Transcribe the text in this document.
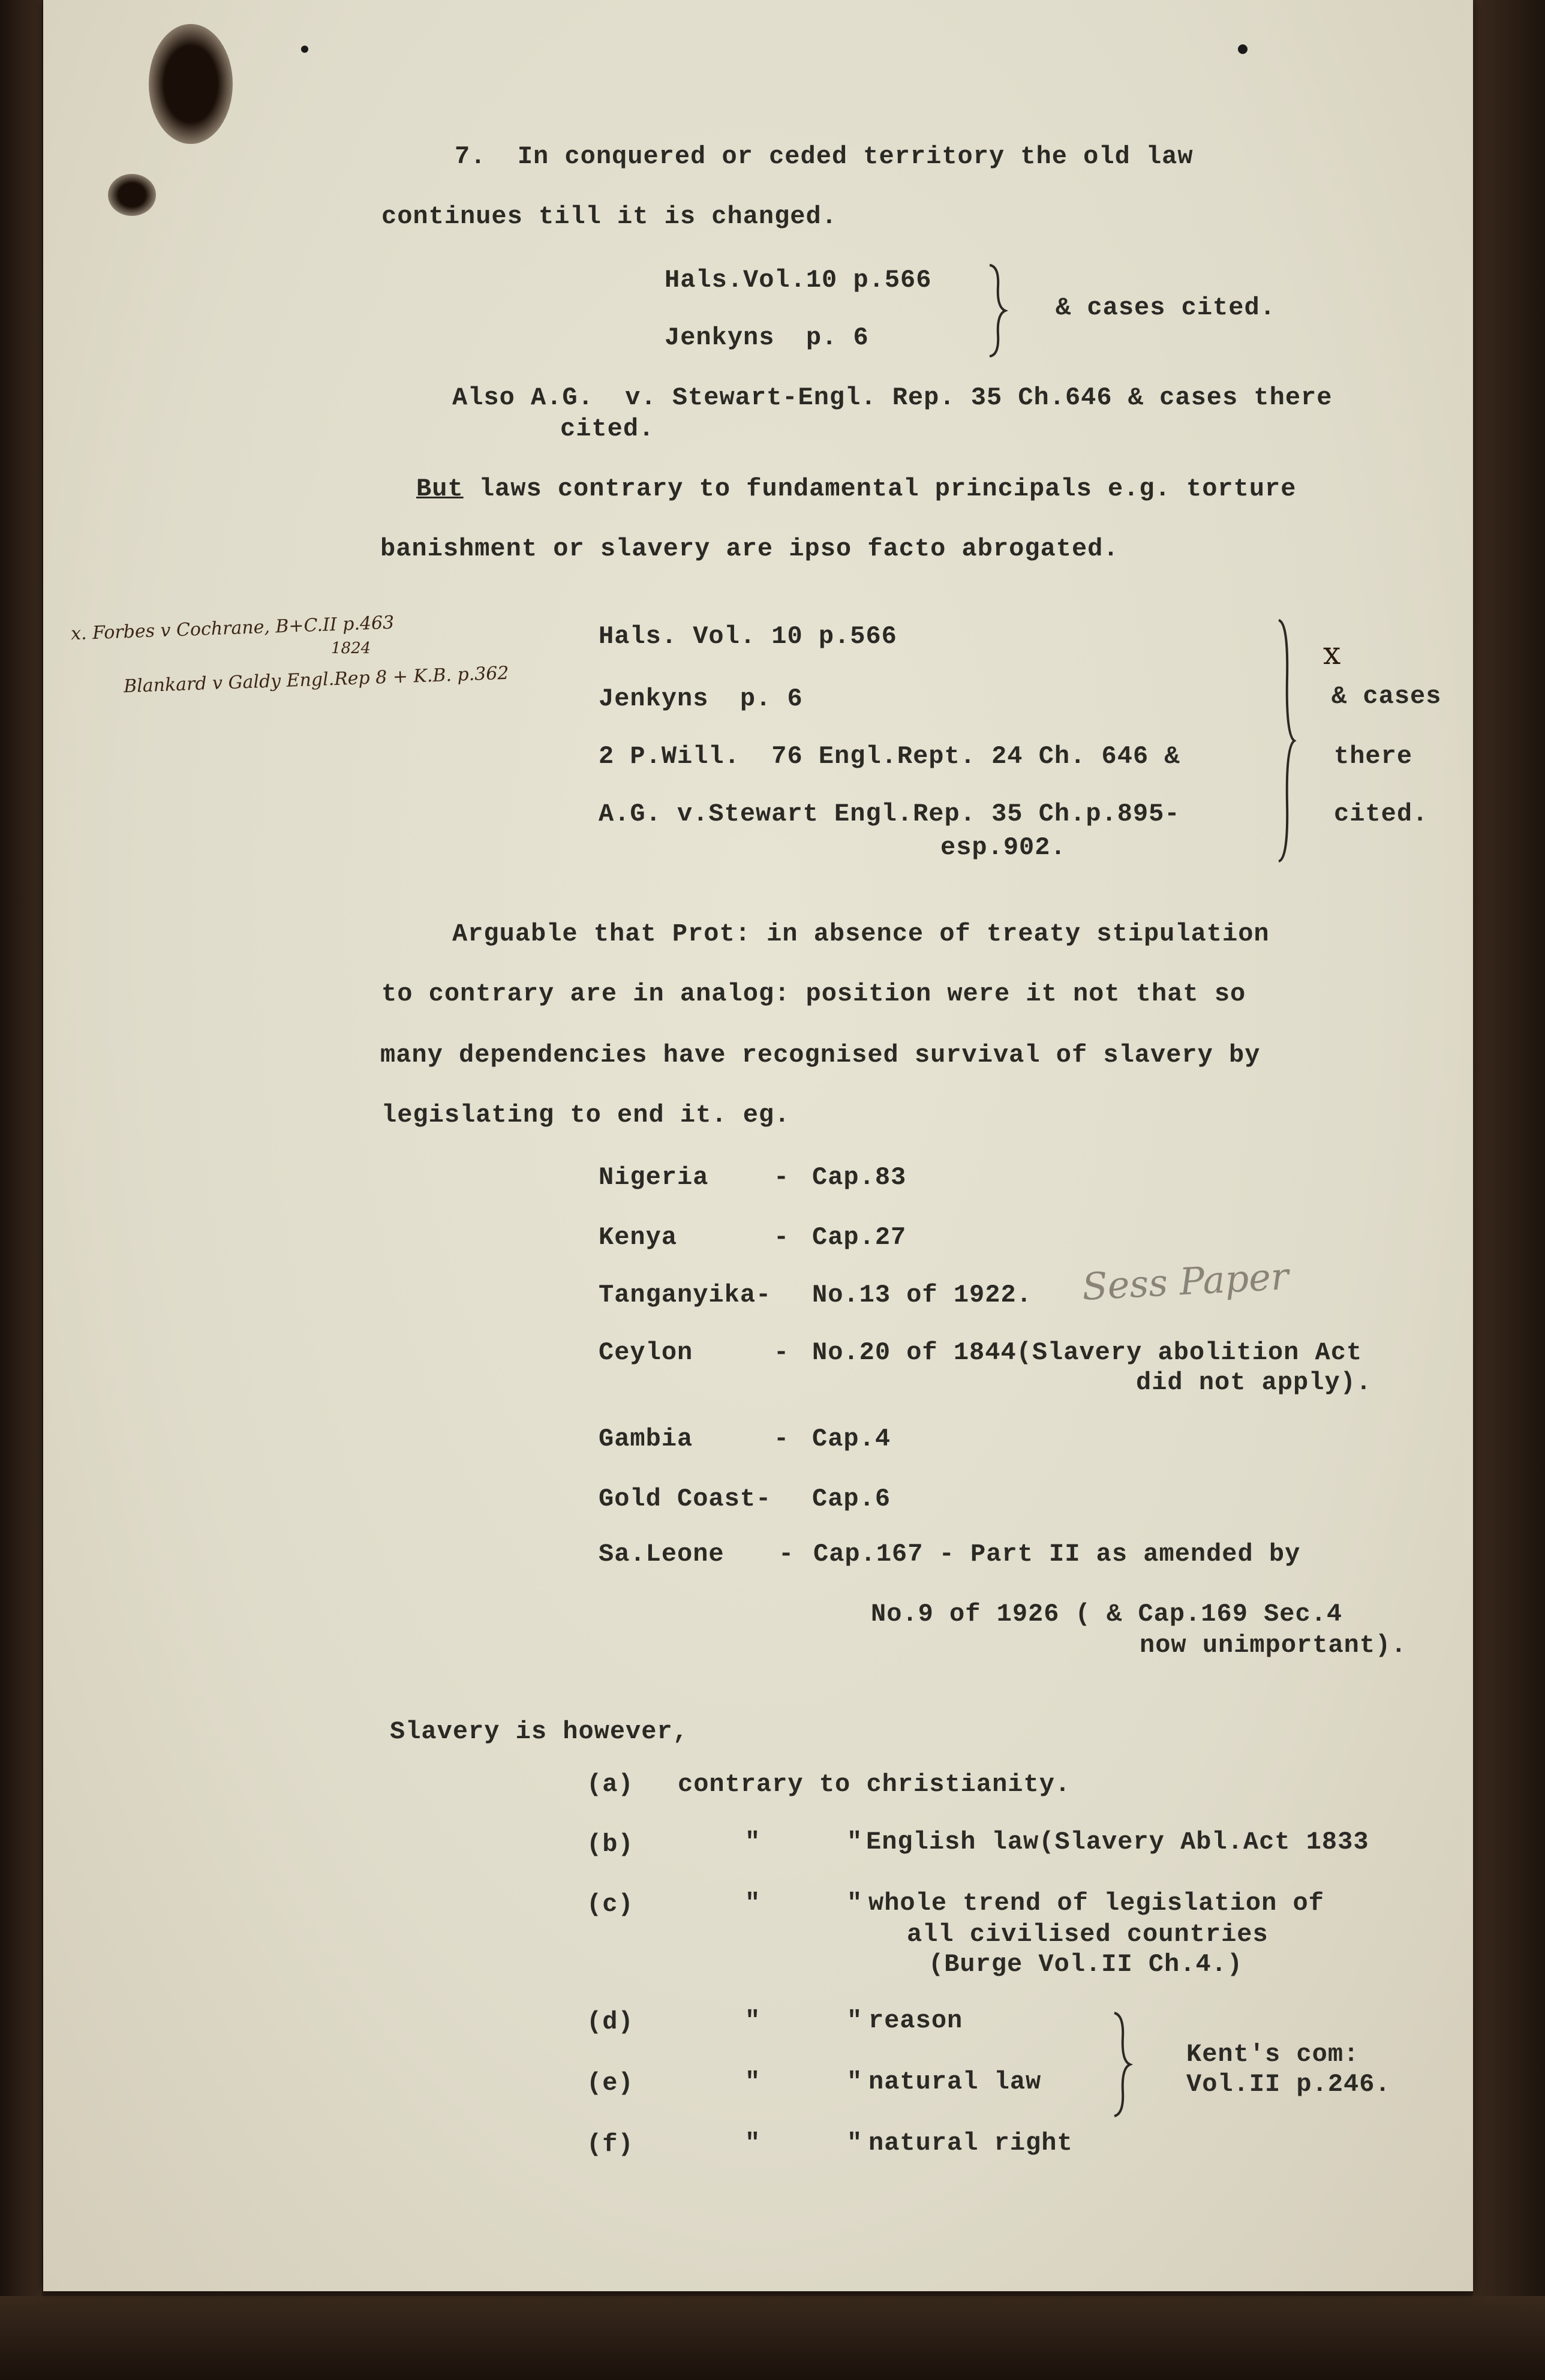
7.  In conquered or ceded territory the old law
continues till it is changed.
Hals.Vol.10 p.566
Jenkyns  p. 6
& cases cited.
Also A.G.  v. Stewart-Engl. Rep. 35 Ch.646 & cases there
cited.
But laws contrary to fundamental principals e.g. torture
banishment or slavery are ipso facto abrogated.
1824
x. Forbes v Cochrane, B+C.II p.463
Blankard v Galdy Engl.Rep 8 + K.B. p.362
Hals. Vol. 10 p.566
Jenkyns  p. 6
2 P.Will.  76 Engl.Rept. 24 Ch. 646 &
A.G. v.Stewart Engl.Rep. 35 Ch.p.895-
esp.902.
x
& cases
there
cited.
Arguable that Prot: in absence of treaty stipulation
to contrary are in analog: position were it not that so
many dependencies have recognised survival of slavery by
legislating to end it. eg.
Nigeria	- Cap.83
Kenya	- Cap.27
Tanganyika- No.13 of 1922. Sess Paper
Ceylon	- No.20 of 1844(Slavery abolition Act
did not apply).
Gambia	- Cap.4
Gold Coast- Cap.6
Sa.Leone - Cap.167 - Part II as amended by
No.9 of 1926 ( & Cap.169 Sec.4
now unimportant).
Slavery is however,
(a) contrary to christianity.
(b)	"	" English law(Slavery Abl.Act 1833
(c)	"	" whole trend of legislation of
all civilised countries
(Burge Vol.II Ch.4.)
(d)	"	" reason
(e)	"	" natural law
(f)	"	" natural right
Kent's com:
Vol.II p.246.
